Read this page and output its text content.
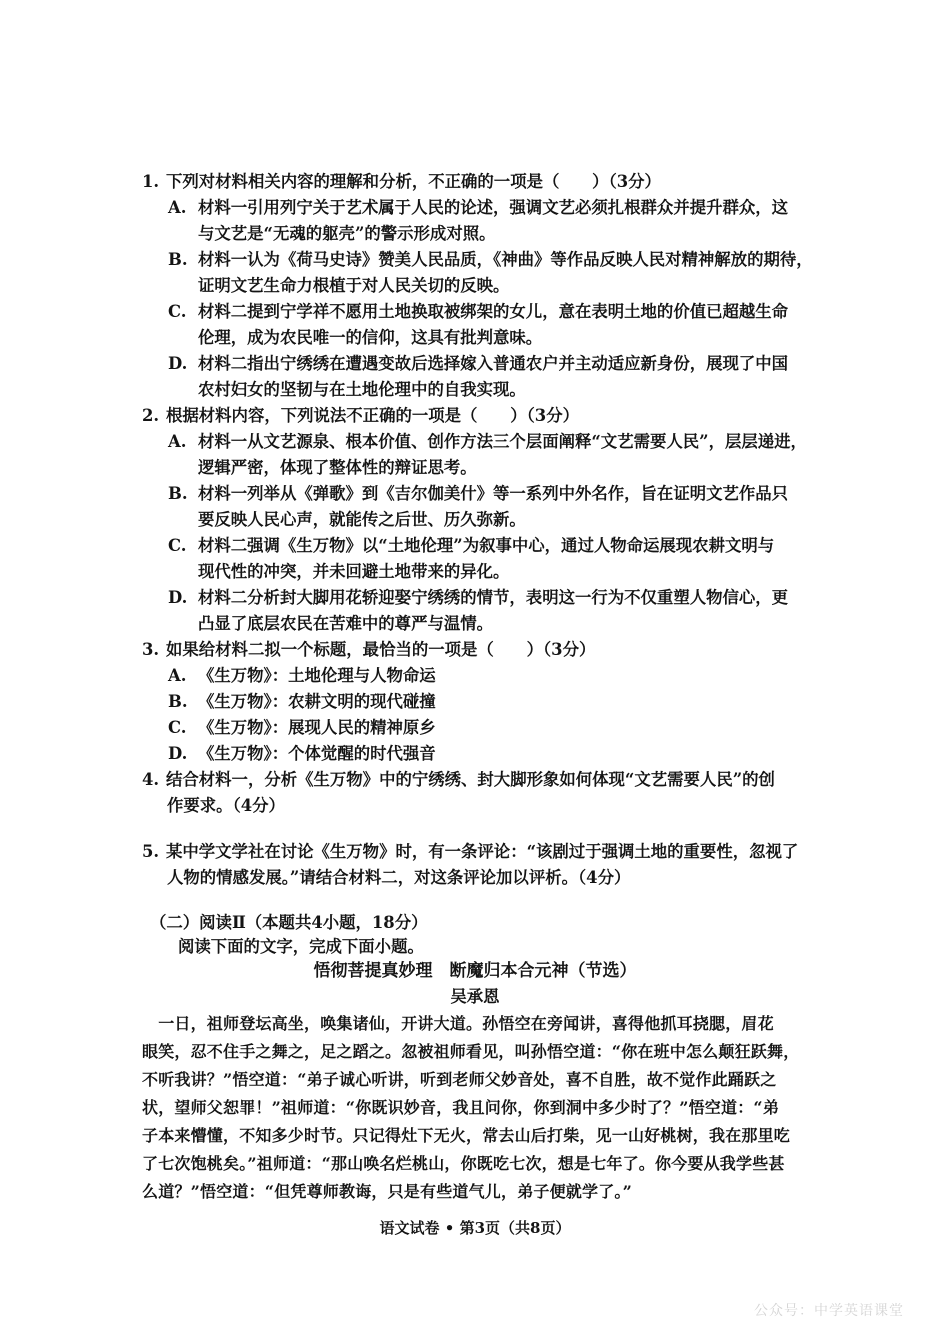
1. 下列对材料相关内容的理解和分析，不正确的一项是（　　）（3分）
A. 材料一引用列宁关于艺术属于人民的论述，强调文艺必须扎根群众并提升群众，这
与文艺是“无魂的躯壳”的警示形成对照。
B. 材料一认为《荷马史诗》赞美人民品质，《神曲》等作品反映人民对精神解放的期待，
证明文艺生命力根植于对人民关切的反映。
C. 材料二提到宁学祥不愿用土地换取被绑架的女儿，意在表明土地的价值已超越生命
伦理，成为农民唯一的信仰，这具有批判意味。
D. 材料二指出宁绣绣在遭遇变故后选择嫁入普通农户并主动适应新身份，展现了中国
农村妇女的坚韧与在土地伦理中的自我实现。
2. 根据材料内容，下列说法不正确的一项是（　　）（3分）
A. 材料一从文艺源泉、根本价值、创作方法三个层面阐释“文艺需要人民”，层层递进，
逻辑严密，体现了整体性的辩证思考。
B. 材料一列举从《弹歌》到《吉尔伽美什》等一系列中外名作，旨在证明文艺作品只
要反映人民心声，就能传之后世、历久弥新。
C. 材料二强调《生万物》以“土地伦理”为叙事中心，通过人物命运展现农耕文明与
现代性的冲突，并未回避土地带来的异化。
D. 材料二分析封大脚用花轿迎娶宁绣绣的情节，表明这一行为不仅重塑人物信心，更
凸显了底层农民在苦难中的尊严与温情。
3. 如果给材料二拟一个标题，最恰当的一项是（　　）（3分）
A. 《生万物》：土地伦理与人物命运
B. 《生万物》：农耕文明的现代碰撞
C. 《生万物》：展现人民的精神原乡
D. 《生万物》：个体觉醒的时代强音
4. 结合材料一，分析《生万物》中的宁绣绣、封大脚形象如何体现“文艺需要人民”的创
作要求。（4分）
5. 某中学文学社在讨论《生万物》时，有一条评论：“该剧过于强调土地的重要性，忽视了
人物的情感发展。”请结合材料二，对这条评论加以评析。（4分）
（二）阅读Ⅱ（本题共4小题，18分）
阅读下面的文字，完成下面小题。
悟彻菩提真妙理　断魔归本合元神（节选）
吴承恩
　一日，祖师登坛高坐，唤集诸仙，开讲大道。孙悟空在旁闻讲，喜得他抓耳挠腮，眉花
眼笑，忍不住手之舞之，足之蹈之。忽被祖师看见，叫孙悟空道：“你在班中怎么颠狂跃舞，
不听我讲？”悟空道：“弟子诚心听讲，听到老师父妙音处，喜不自胜，故不觉作此踊跃之
状，望师父恕罪！”祖师道：“你既识妙音，我且问你，你到洞中多少时了？”悟空道：“弟
子本来懵懂，不知多少时节。只记得灶下无火，常去山后打柴，见一山好桃树，我在那里吃
了七次饱桃矣。”祖师道：“那山唤名烂桃山，你既吃七次，想是七年了。你今要从我学些甚
么道？”悟空道：“但凭尊师教诲，只是有些道气儿，弟子便就学了。”
语文试卷 • 第3页（共8页）
公众号：中学英语课堂
